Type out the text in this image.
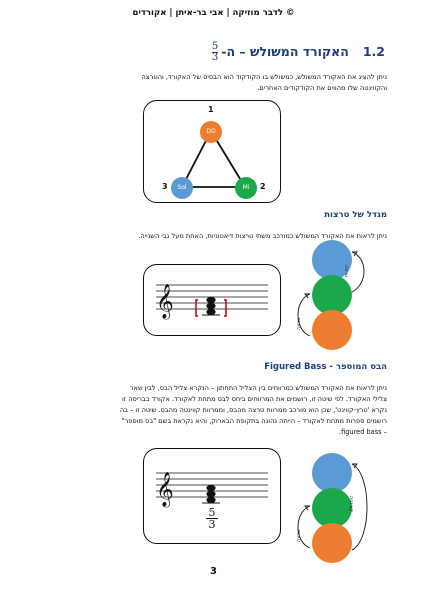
© לדבר מוזיקה | אבי בר-איתן | אקורדים
1.2האקורד המשולש – ה-
$\frac{5}{3}$
ניתן להציג את האקורד המשולש, כמשולש בו הקודקוד הוא הבסיס של האקורד, והטרצה
והקווינטה שלו מהווים את הקודקודים האחרים.
DO
Mi
Sol
1
2
3
מגדל של טרצות
ניתן לראות את האקורד המשולש כמורכב משתי טרצות דיאטוניות, האחת מעל גבי השנייה.
𝄞
טרצה
טרצה
הבס המוספר - Figured Bass
ניתן לראות את האקורד המשולש כמרווחים בין הצליל התחתון – הנקרא צליל הבס, לבין שאר
צלילי האקורד. לפי שיטה זו, רושמים את המרווחים ביחס לבס מתחת לאקורד. אקורד בבריסה זו
נקרא 'טרץ-קווינט', שכן הוא מורכב ממרווח טרצה מהבס, וממרווח קווינטה מהבס. שיטה זו – בה
רושמים ספרות מתחת לאקורד – הייתה נהוגה בתקופת הבארוק, והיא נקראת בשם "בס מוספר"
– figured bass.
𝄞
5
3
קווינטה
טרצה
3
